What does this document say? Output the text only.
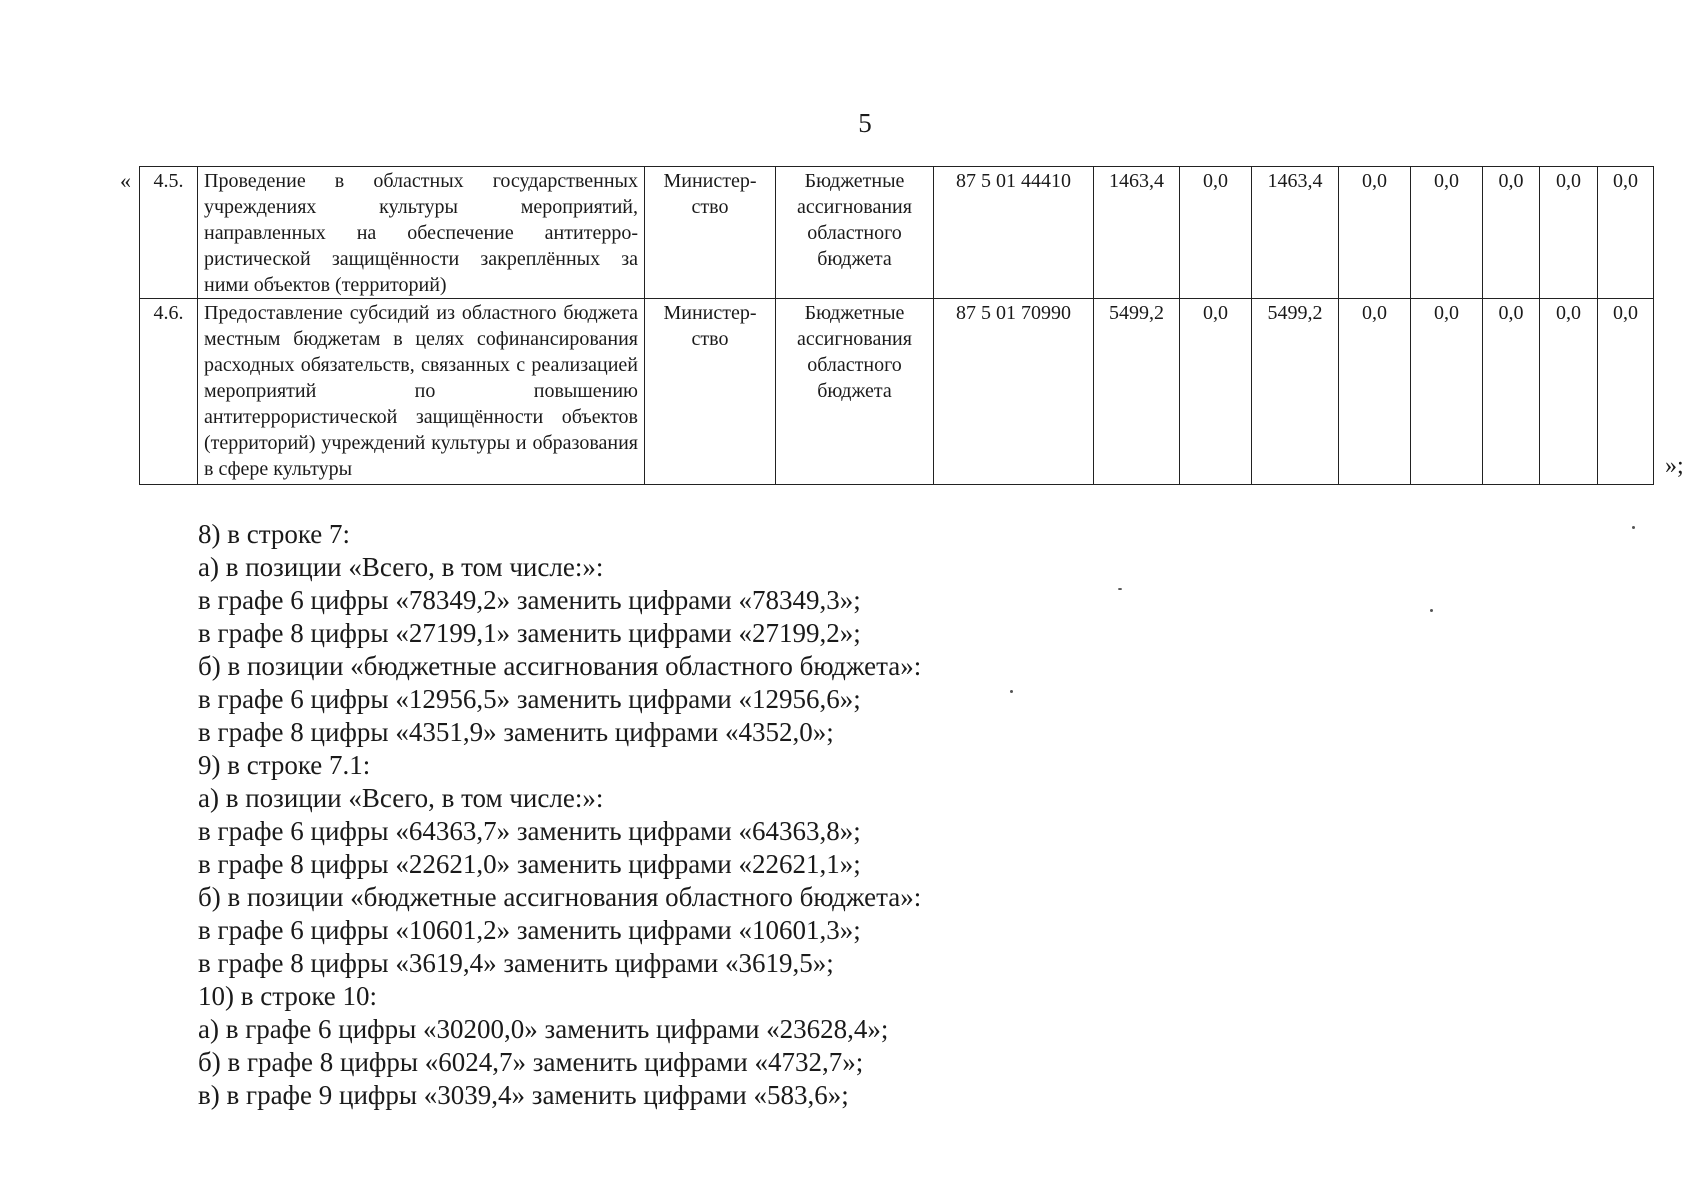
5
« 4.5.	Проведение в областных государственных учреждениях культуры мероприятий, направленных на обеспечение антитеррористической защищённости закреплённых за ними объектов (территорий)	Министерство	Бюджетные ассигнования областного бюджета	87 5 01 44410	1463,4	0,0	1463,4	0,0	0,0	0,0	0,0	0,0
4.6.	Предоставление субсидий из областного бюджета местным бюджетам в целях софинансирования расходных обязательств, связанных с реализацией мероприятий по повышению антитеррористической защищённости объектов (территорий) учреждений культуры и образования в сфере культуры	Министерство	Бюджетные ассигнования областного бюджета	87 5 01 70990	5499,2	0,0	5499,2	0,0	0,0	0,0	0,0	0,0
»;
8) в строке 7:
а) в позиции «Всего, в том числе:»:
в графе 6 цифры «78349,2» заменить цифрами «78349,3»;
в графе 8 цифры «27199,1» заменить цифрами «27199,2»;
б) в позиции «бюджетные ассигнования областного бюджета»:
в графе 6 цифры «12956,5» заменить цифрами «12956,6»;
в графе 8 цифры «4351,9» заменить цифрами «4352,0»;
9) в строке 7.1:
а) в позиции «Всего, в том числе:»:
в графе 6 цифры «64363,7» заменить цифрами «64363,8»;
в графе 8 цифры «22621,0» заменить цифрами «22621,1»;
б) в позиции «бюджетные ассигнования областного бюджета»:
в графе 6 цифры «10601,2» заменить цифрами «10601,3»;
в графе 8 цифры «3619,4» заменить цифрами «3619,5»;
10) в строке 10:
а) в графе 6 цифры «30200,0» заменить цифрами «23628,4»;
б) в графе 8 цифры «6024,7» заменить цифрами «4732,7»;
в) в графе 9 цифры «3039,4» заменить цифрами «583,6»;
